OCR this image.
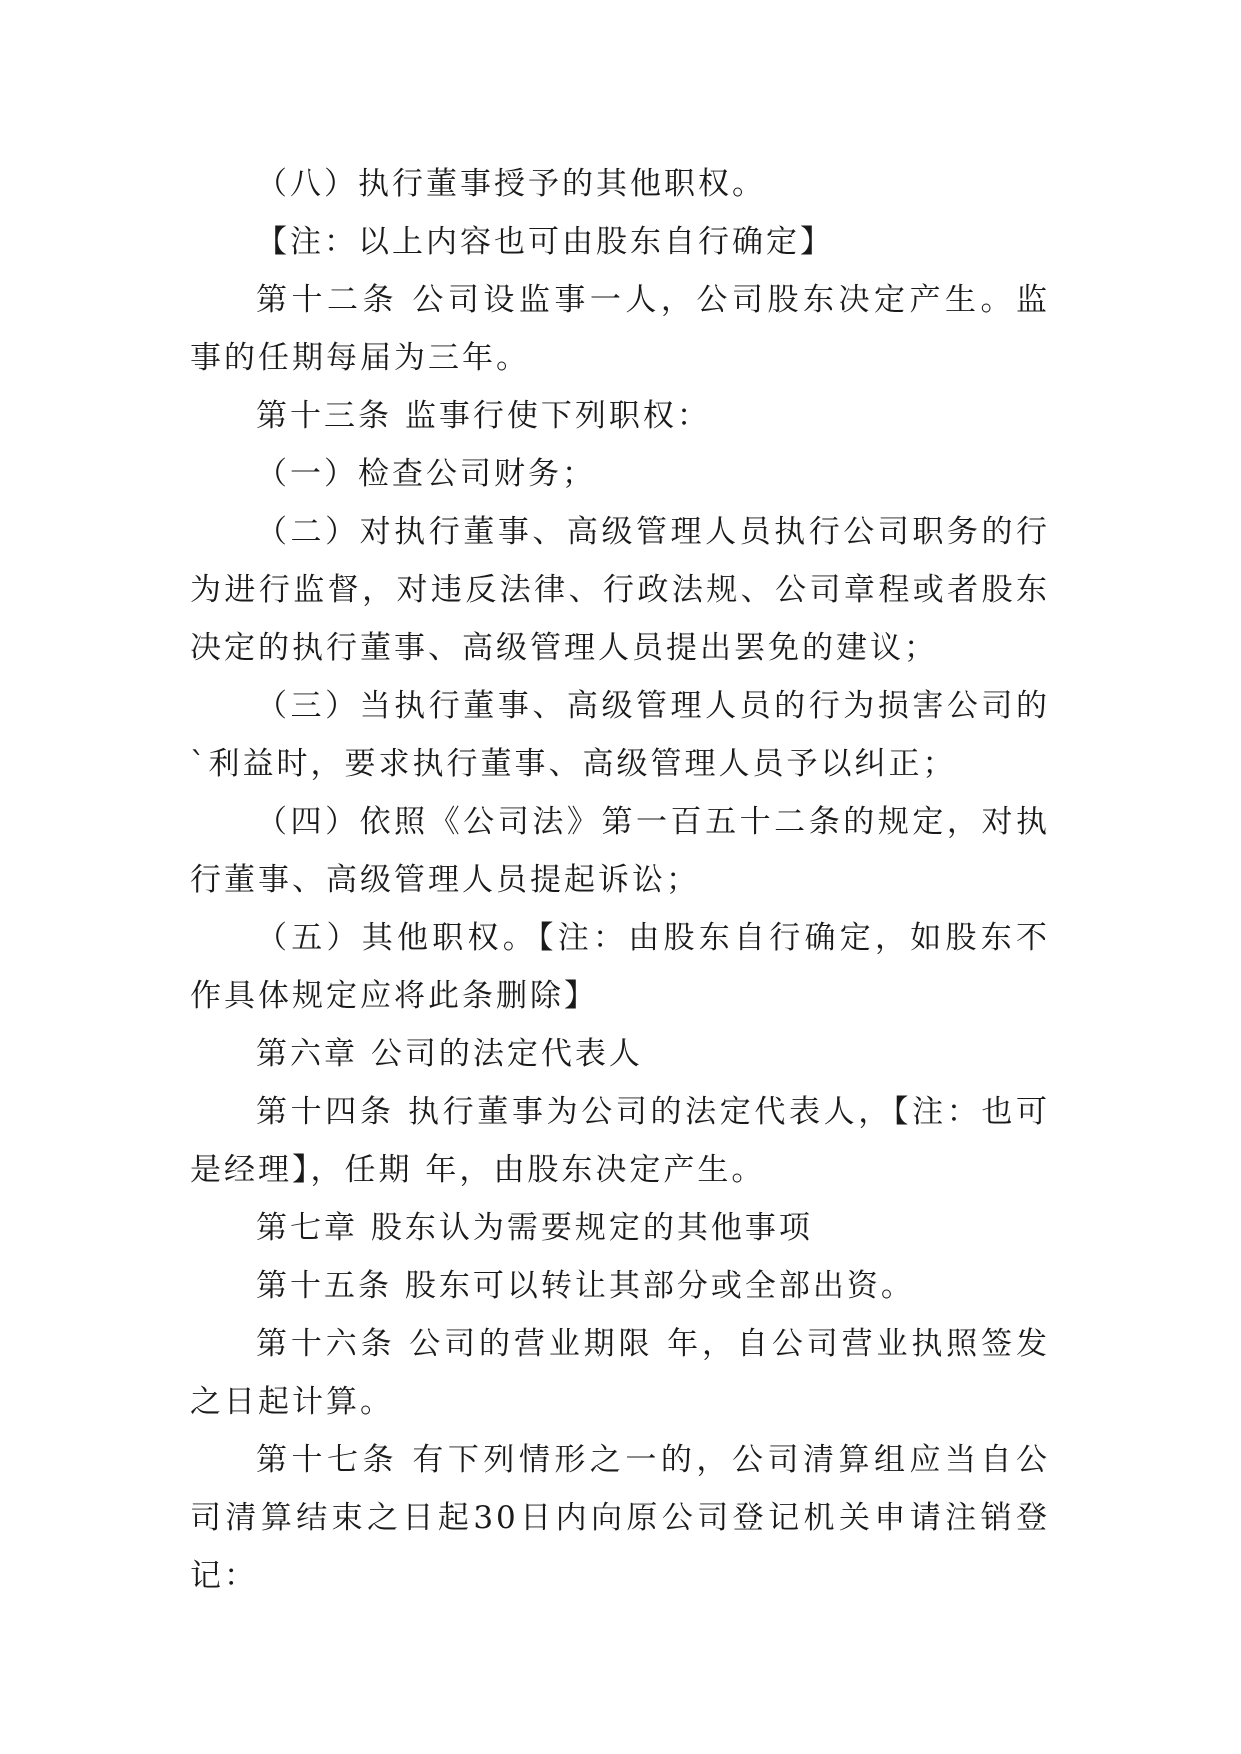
（八）执行董事授予的其他职权。

【注：以上内容也可由股东自行确定】

第十二条 公司设监事一人，公司股东决定产生。监事的任期每届为三年。

第十三条 监事行使下列职权：

（一）检查公司财务；

（二）对执行董事、高级管理人员执行公司职务的行为进行监督，对违反法律、行政法规、公司章程或者股东决定的执行董事、高级管理人员提出罢免的建议；

（三）当执行董事、高级管理人员的行为损害公司的`利益时，要求执行董事、高级管理人员予以纠正；

（四）依照《公司法》第一百五十二条的规定，对执行董事、高级管理人员提起诉讼；

（五）其他职权。【注：由股东自行确定，如股东不作具体规定应将此条删除】

第六章 公司的法定代表人

第十四条 执行董事为公司的法定代表人，【注：也可是经理】，任期 年，由股东决定产生。

第七章 股东认为需要规定的其他事项

第十五条 股东可以转让其部分或全部出资。

第十六条 公司的营业期限 年，自公司营业执照签发之日起计算。

第十七条 有下列情形之一的，公司清算组应当自公司清算结束之日起30日内向原公司登记机关申请注销登记：
